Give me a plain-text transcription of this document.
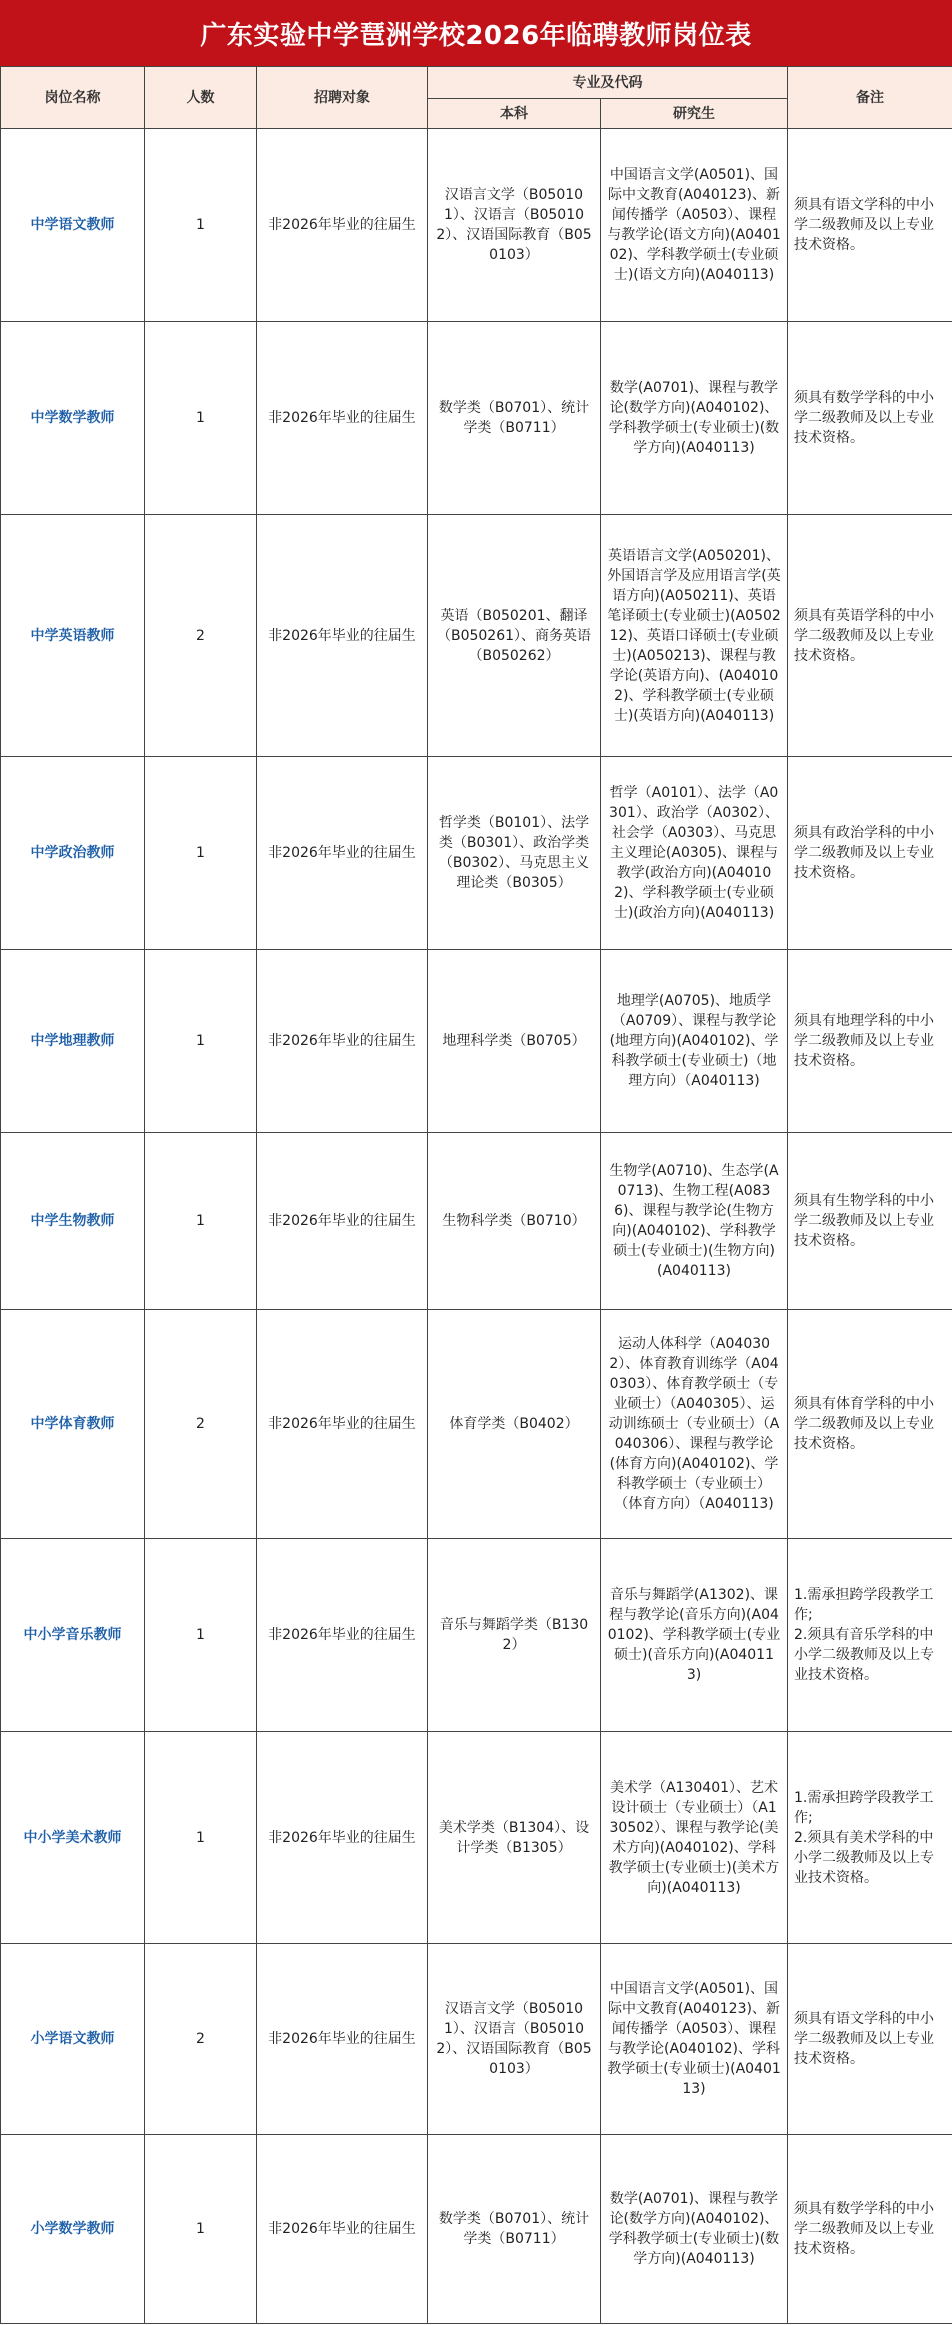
广东实验中学琶洲学校2026年临聘教师岗位表
岗位名称	人数	招聘对象	专业及代码		备注
			本科	研究生	
中学语文教师	1	非2026年毕业的往届生	汉语言文学（B050101）、汉语言（B050102）、汉语国际教育（B050103）	中国语言文学(A0501)、国际中文教育(A040123)、新闻传播学（A0503）、课程与教学论(语文方向)(A040102)、学科教学硕士(专业硕士)(语文方向)(A040113)	须具有语文学科的中小学二级教师及以上专业技术资格。

中学数学教师	1	非2026年毕业的往届生	数学类（B0701）、统计学类（B0711）	数学(A0701)、课程与教学论(数学方向)(A040102)、学科教学硕士(专业硕士)(数学方向)(A040113)	须具有数学学科的中小学二级教师及以上专业技术资格。

中学英语教师	2	非2026年毕业的往届生	英语（B050201、翻译（B050261）、商务英语（B050262）	英语语言文学(A050201)、外国语言学及应用语言学(英语方向)(A050211)、英语笔译硕士(专业硕士)(A050212)、英语口译硕士(专业硕士)(A050213)、课程与教学论(英语方向)、(A040102)、学科教学硕士(专业硕士)(英语方向)(A040113)	须具有英语学科的中小学二级教师及以上专业技术资格。

中学政治教师	1	非2026年毕业的往届生	哲学类（B0101）、法学类（B0301）、政治学类（B0302）、马克思主义理论类（B0305）	哲学（A0101）、法学（A0301）、政治学（A0302）、社会学（A0303）、马克思主义理论(A0305)、课程与教学(政治方向)(A040102)、学科教学硕士(专业硕士)(政治方向)(A040113)	须具有政治学科的中小学二级教师及以上专业技术资格。

中学地理教师	1	非2026年毕业的往届生	地理科学类（B0705）	地理学(A0705)、地质学（A0709）、课程与教学论(地理方向)(A040102)、学科教学硕士(专业硕士)（地理方向）（A040113)	须具有地理学科的中小学二级教师及以上专业技术资格。

中学生物教师	1	非2026年毕业的往届生	生物科学类（B0710）	生物学(A0710)、生态学(A0713)、生物工程(A0836)、课程与教学论(生物方向)(A040102)、学科教学硕士(专业硕士)(生物方向)(A040113)	须具有生物学科的中小学二级教师及以上专业技术资格。

中学体育教师	2	非2026年毕业的往届生	体育学类（B0402）	运动人体科学（A040302）、体育教育训练学（A040303）、体育教学硕士（专业硕士）（A040305）、运动训练硕士（专业硕士）（A040306）、课程与教学论(体育方向)(A040102)、学科教学硕士（专业硕士）（体育方向）（A040113)	须具有体育学科的中小学二级教师及以上专业技术资格。

中小学音乐教师	1	非2026年毕业的往届生	音乐与舞蹈学类（B1302）	音乐与舞蹈学(A1302)、课程与教学论(音乐方向)(A040102)、学科教学硕士(专业硕士)(音乐方向)(A040113)	1.需承担跨学段教学工作;
2.须具有音乐学科的中小学二级教师及以上专业技术资格。

中小学美术教师	1	非2026年毕业的往届生	美术学类（B1304）、设计学类（B1305）	美术学（A130401）、艺术设计硕士（专业硕士）（A130502）、课程与教学论(美术方向)(A040102)、学科教学硕士(专业硕士)(美术方向)(A040113)	1.需承担跨学段教学工作;
2.须具有美术学科的中小学二级教师及以上专业技术资格。

小学语文教师	2	非2026年毕业的往届生	汉语言文学（B050101）、汉语言（B050102）、汉语国际教育（B050103）	中国语言文学(A0501)、国际中文教育(A040123)、新闻传播学（A0503）、课程与教学论(A040102)、学科教学硕士(专业硕士)(A040113)	须具有语文学科的中小学二级教师及以上专业技术资格。

小学数学教师	1	非2026年毕业的往届生	数学类（B0701）、统计学类（B0711）	数学(A0701)、课程与教学论(数学方向)(A040102)、学科教学硕士(专业硕士)(数学方向)(A040113)	须具有数学学科的中小学二级教师及以上专业技术资格。
